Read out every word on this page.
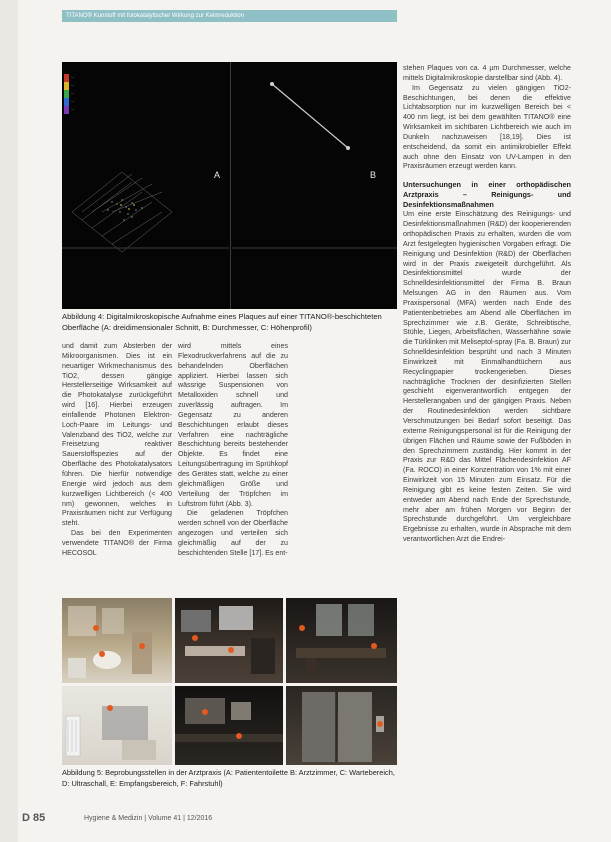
TITANO® Kunstoff mit fotokatalytischer Wirkung zur Keimreduktion
—
—
—
—
—
A	B
Abbildung 4: Digitalmikroskopische Aufnahme eines Plaques auf einer TITANO®-beschichteten Oberfläche (A: dreidimensionaler Schnitt, B: Durchmesser, C: Höhenprofil)

und damit zum Absterben der Mikroorganismen. Dies ist ein neuartiger Wirkmechanismus des TiO2, dessen gängige Herstellerseitige Wirksamkeit auf die Photokatalyse zurückgeführt wird [16]. Hierbei erzeugen einfallende Photonen Elektron-Loch-Paare im Leitungs- und Valenzband des TiO2, welche zur Freisetzung reaktiver Sauerstoffspezies auf der Oberfläche des Photokatalysators führen. Die hierfür notwendige Energie wird jedoch aus dem kurzwelligen Lichtbereich (< 400 nm) gewonnen, welches in Praxisräumen nicht zur Verfügung steht.

Das bei den Experimenten verwendete TITANO® der Firma HECOSOL

wird mittels eines Flexodruckverfahrens auf die zu behandelnden Oberflächen appliziert. Hierbei lassen sich wässrige Suspensionen von Metalloxiden schnell und zuverlässig auftragen. Im Gegensatz zu anderen Beschichtungen erlaubt dieses Verfahren eine nachträgliche Beschichtung bereits bestehender Objekte. Es findet eine Leitungsübertragung im Sprühkopf des Gerätes statt, welche zu einer gleichmäßigen Größe und Verteilung der Tröpfchen im Luftstrom führt (Abb. 3).

Die geladenen Tröpfchen werden schnell von der Oberfläche angezogen und verteilen sich gleichmäßig auf der zu beschichtenden Stelle [17]. Es ent-

stehen Plaques von ca. 4 µm Durchmesser, welche mittels Digitalmikroskopie darstellbar sind (Abb. 4).

Im Gegensatz zu vielen gängigen TiO2-Beschichtungen, bei denen die effektive Lichtabsorption nur im kurzwelligen Bereich bei < 400 nm liegt, ist bei dem gewählten TITANO® eine Wirksamkeit im sichtbaren Lichtbereich wie auch im Dunkeln nachzuweisen [18,19]. Dies ist entscheidend, da somit ein antimikrobieller Effekt auch ohne den Einsatz von UV-Lampen in den Praxisräumen erzeugt werden kann.

Untersuchungen in einer orthopädischen Arztpraxis – Reinigungs- und Desinfektionsmaßnahmen

Um eine erste Einschätzung des Reinigungs- und Desinfektionsmaßnahmen (R&D) der kooperierenden orthopädischen Praxis zu erhalten, wurden die vom Arzt festgelegten hygienischen Vorgaben erfragt. Die Reinigung und Desinfektion (R&D) der Oberflächen wird in der Praxis zweigeteilt durchgeführt. Als Desinfektionsmittel wurde der Schnelldesinfektionsmittel der Firma B. Braun Melsungen AG in den Räumen aus. Vom Praxispersonal (MFA) werden nach Ende des Patientenbetriebes am Abend alle Oberflächen im Sprechzimmer wie z.B. Geräte, Schreibtische, Stühle, Liegen, Arbeitsflächen, Wasserhähne sowie die Türklinken mit Meliseptol-spray (Fa. B. Braun) zur Schnelldesinfektion besprüht und nach 3 Minuten Einwirkzeit mit Einmalhandtüchern aus Recyclingpapier trockengerieben. Dieses nachträgliche Trocknen der desinfizierten Stellen geschieht eigenverantwortlich entgegen der Herstellerangaben und der gängigen Praxis. Neben der Routinedesinfektion werden sichtbare Verschmutzungen bei Bedarf sofort beseitigt. Das externe Reinigungspersonal ist für die Reinigung der übrigen Flächen und Räume sowie der Fußböden in den Sprechzimmern zuständig. Hier kommt in der Praxis zur R&D das Mittel Flächendesinfektion AF (Fa. ROCO) in einer Konzentration von 1% mit einer Einwirkzeit von 15 Minuten zum Einsatz. Für die Reinigung gibt es keine festen Zeiten. Sie wird entweder am Abend nach Ende der Sprechstunde, mehr aber am frühen Morgen vor Beginn der Sprechstunde durchgeführt. Um vergleichbare Ergebnisse zu erhalten, wurde in Absprache mit dem verantwortlichen Arzt die Endrei-

Abbildung 5: Beprobungsstellen in der Arztpraxis (A: Patiententoilette B: Arztzimmer, C: Wartebereich, D: Ultraschall, E: Empfangsbereich, F: Fahrstuhl)
D 85	Hygiene & Medizin | Volume 41 | 12/2016
